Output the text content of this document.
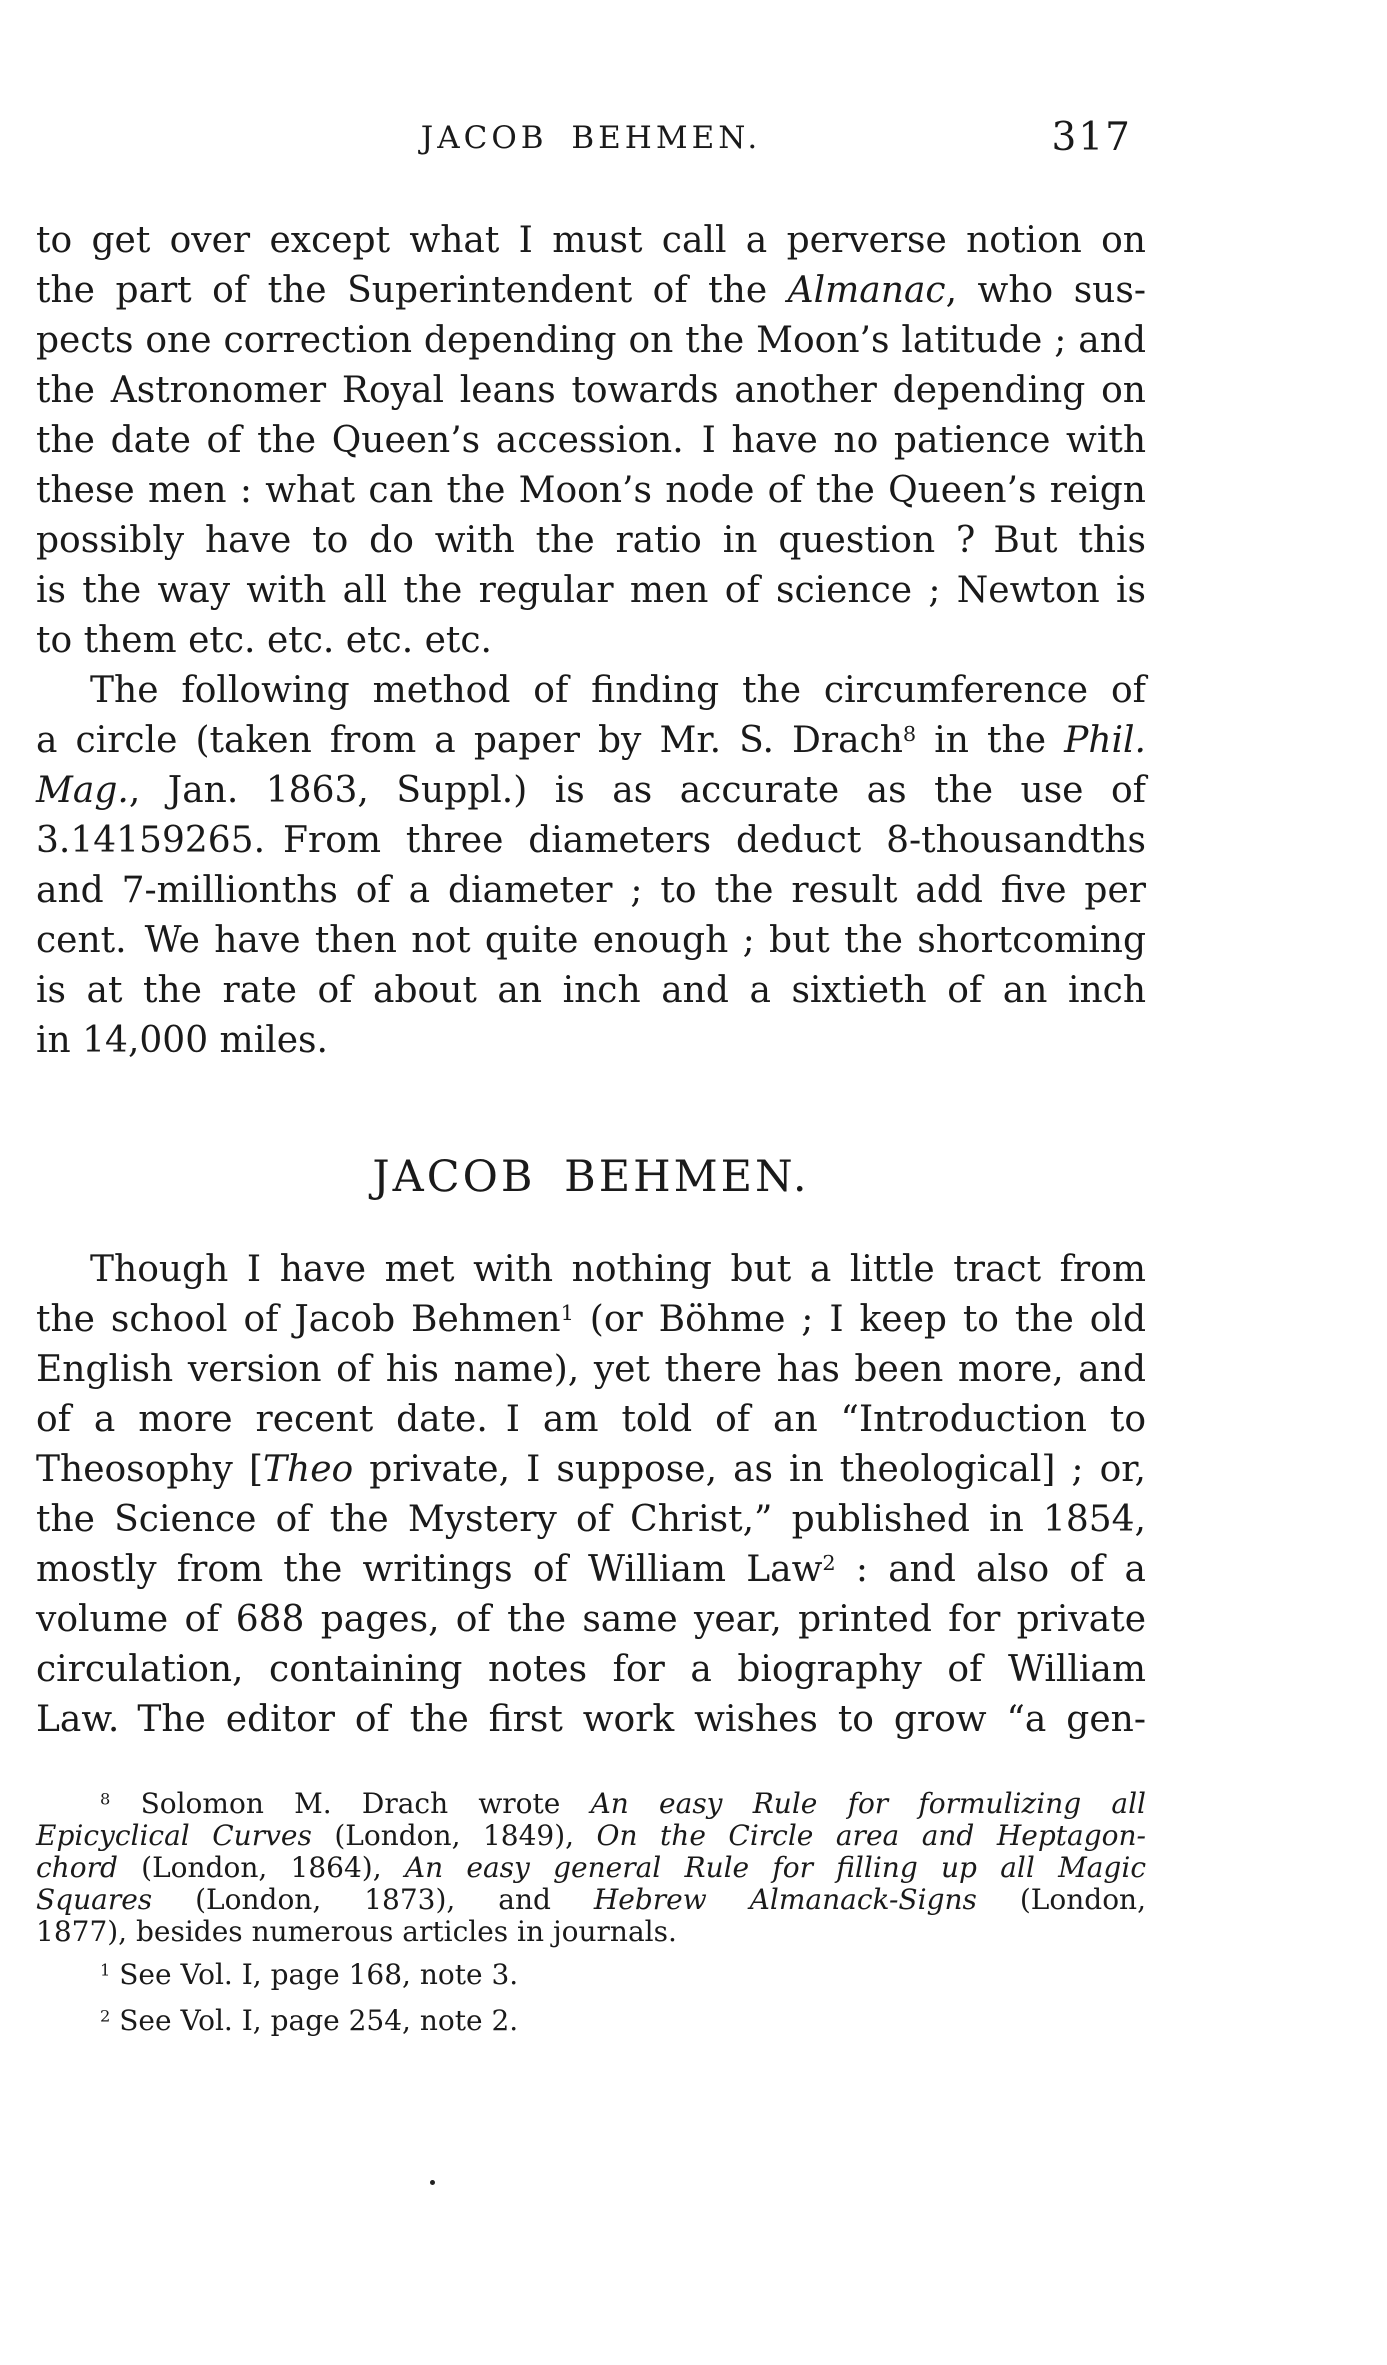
JACOB BEHMEN.	317
to get over except what I must call a perverse notion on
the part of the Superintendent of the Almanac, who sus-
pects one correction depending on the Moon’s latitude ; and
the Astronomer Royal leans towards another depending on
the date of the Queen’s accession. I have no patience with
these men : what can the Moon’s node of the Queen’s reign
possibly have to do with the ratio in question ? But this
is the way with all the regular men of science ; Newton is
to them etc. etc. etc. etc.
The following method of finding the circumference of
a circle (taken from a paper by Mr. S. Drach$^8$ in the Phil.
Mag., Jan. 1863, Suppl.) is as accurate as the use of
3.14159265. From three diameters deduct 8-thousandths
and 7-millionths of a diameter ; to the result add five per
cent. We have then not quite enough ; but the shortcoming
is at the rate of about an inch and a sixtieth of an inch
in 14,000 miles.
JACOB BEHMEN.
Though I have met with nothing but a little tract from
the school of Jacob Behmen$^1$ (or Böhme ; I keep to the old
English version of his name), yet there has been more, and
of a more recent date. I am told of an “Introduction to
Theosophy [Theo private, I suppose, as in theological] ; or,
the Science of the Mystery of Christ,” published in 1854,
mostly from the writings of William Law$^2$ : and also of a
volume of 688 pages, of the same year, printed for private
circulation, containing notes for a biography of William
Law. The editor of the first work wishes to grow “a gen-
$^8$ Solomon M. Drach wrote An easy Rule for formulizing all
Epicyclical Curves (London, 1849), On the Circle area and Heptagon-
chord (London, 1864), An easy general Rule for filling up all Magic
Squares (London, 1873), and Hebrew Almanack-Signs (London,
1877), besides numerous articles in journals.
$^1$ See Vol. I, page 168, note 3.
$^2$ See Vol. I, page 254, note 2.
